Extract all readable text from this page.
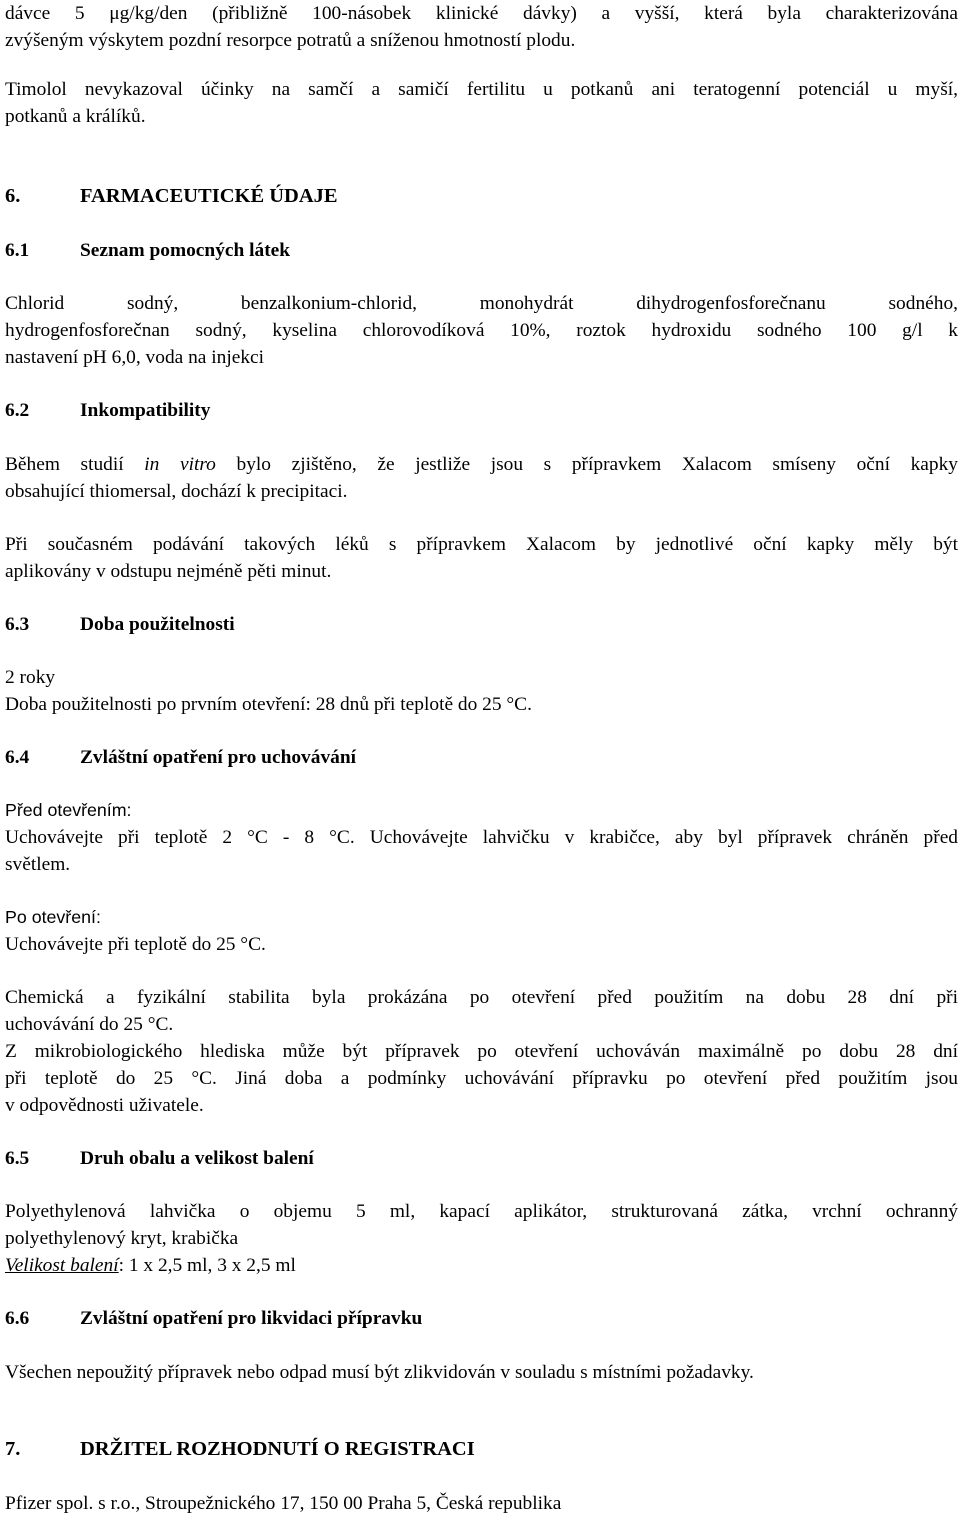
dávce 5 μg/kg/den (přibližně 100-násobek klinické dávky) a vyšší, která byla charakterizována
zvýšeným výskytem pozdní resorpce potratů a sníženou hmotností plodu.

Timolol nevykazoval účinky na samčí a samičí fertilitu u potkanů ani teratogenní potenciál u myší,
potkanů a králíků.

6.	FARMACEUTICKÉ ÚDAJE
6.1	Seznam pomocných látek

Chlorid sodný, benzalkonium-chlorid, monohydrát dihydrogenfosforečnanu sodného,
hydrogenfosforečnan sodný, kyselina chlorovodíková 10%, roztok hydroxidu sodného 100 g/l k
nastavení pH 6,0, voda na injekci

6.2	Inkompatibility

Během studií in vitro bylo zjištěno, že jestliže jsou s přípravkem Xalacom smíseny oční kapky
obsahující thiomersal, dochází k precipitaci.

Při současném podávání takových léků s přípravkem Xalacom by jednotlivé oční kapky měly být
aplikovány v odstupu nejméně pěti minut.

6.3	Doba použitelnosti

2 roky
Doba použitelnosti po prvním otevření: 28 dnů při teplotě do 25 °C.

6.4	Zvláštní opatření pro uchovávání

Před otevřením:
Uchovávejte při teplotě 2 °C - 8 °C. Uchovávejte lahvičku v krabičce, aby byl přípravek chráněn před
světlem.

Po otevření:
Uchovávejte při teplotě do 25 °C.

Chemická a fyzikální stabilita byla prokázána po otevření před použitím na dobu 28 dní při
uchovávání do 25 °C.
Z mikrobiologického hlediska může být přípravek po otevření uchováván maximálně po dobu 28 dní
při teplotě do 25 °C. Jiná doba a podmínky uchovávání přípravku po otevření před použitím jsou
v odpovědnosti uživatele.

6.5	Druh obalu a velikost balení

Polyethylenová lahvička o objemu 5 ml, kapací aplikátor, strukturovaná zátka, vrchní ochranný
polyethylenový kryt, krabička
Velikost balení: 1 x 2,5 ml, 3 x 2,5 ml

6.6	Zvláštní opatření pro likvidaci přípravku

Všechen nepoužitý přípravek nebo odpad musí být zlikvidován v souladu s místními požadavky.

7.	DRŽITEL ROZHODNUTÍ O REGISTRACI

Pfizer spol. s r.o., Stroupežnického 17, 150 00 Praha 5, Česká republika
